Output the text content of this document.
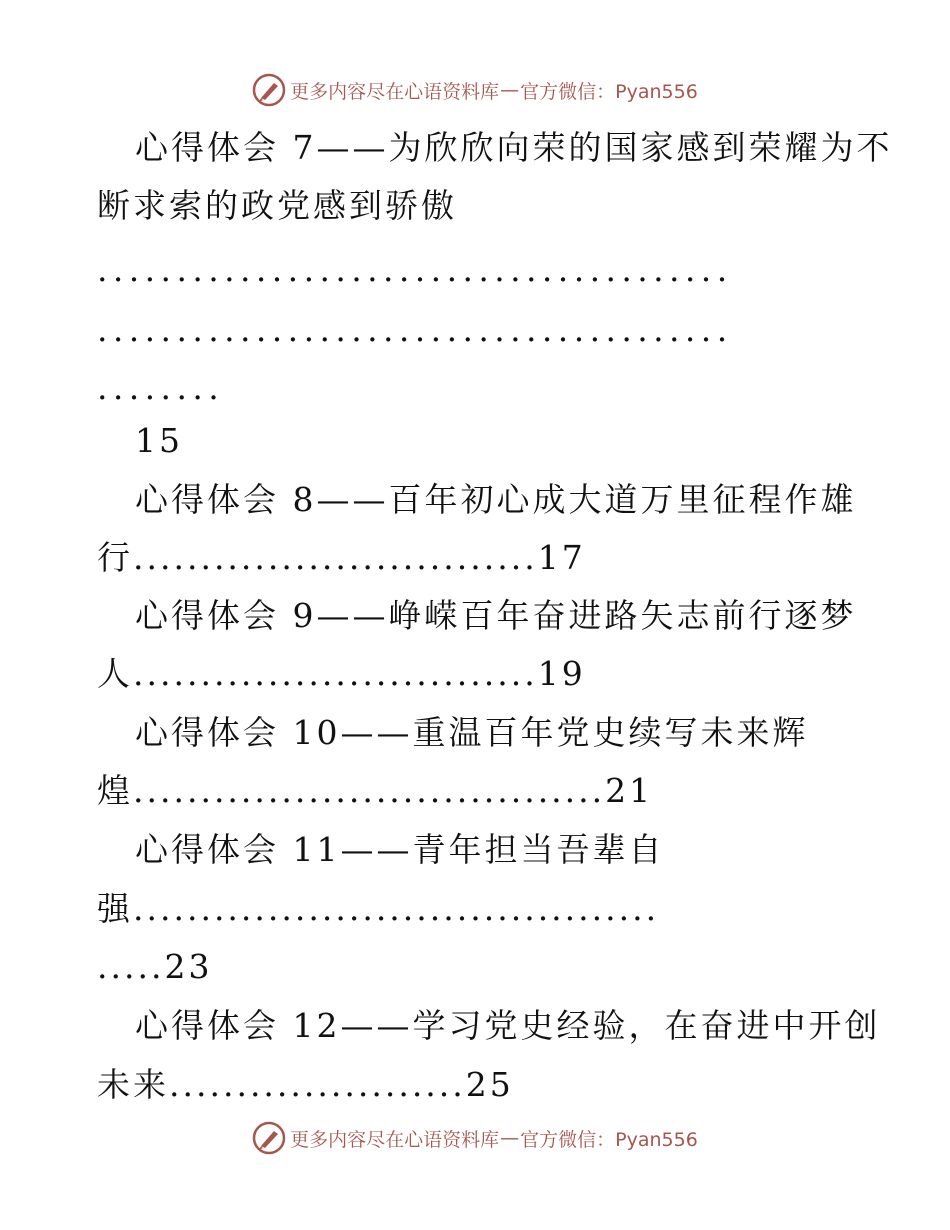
更多内容尽在心语资料库 — 官方微信：Pyan556
心得体会 7——为欣欣向荣的国家感到荣耀为不
断求索的政党感到骄傲
........................................
........................................
........
15
心得体会 8——百年初心成大道万里征程作雄
行..............................17
心得体会 9——峥嵘百年奋进路矢志前行逐梦
人..............................19
心得体会 10——重温百年党史续写未来辉
煌...................................21
心得体会 11——青年担当吾辈自
强.......................................
.....23
心得体会 12——学习党史经验，在奋进中开创
未来......................25
更多内容尽在心语资料库 — 官方微信：Pyan556
